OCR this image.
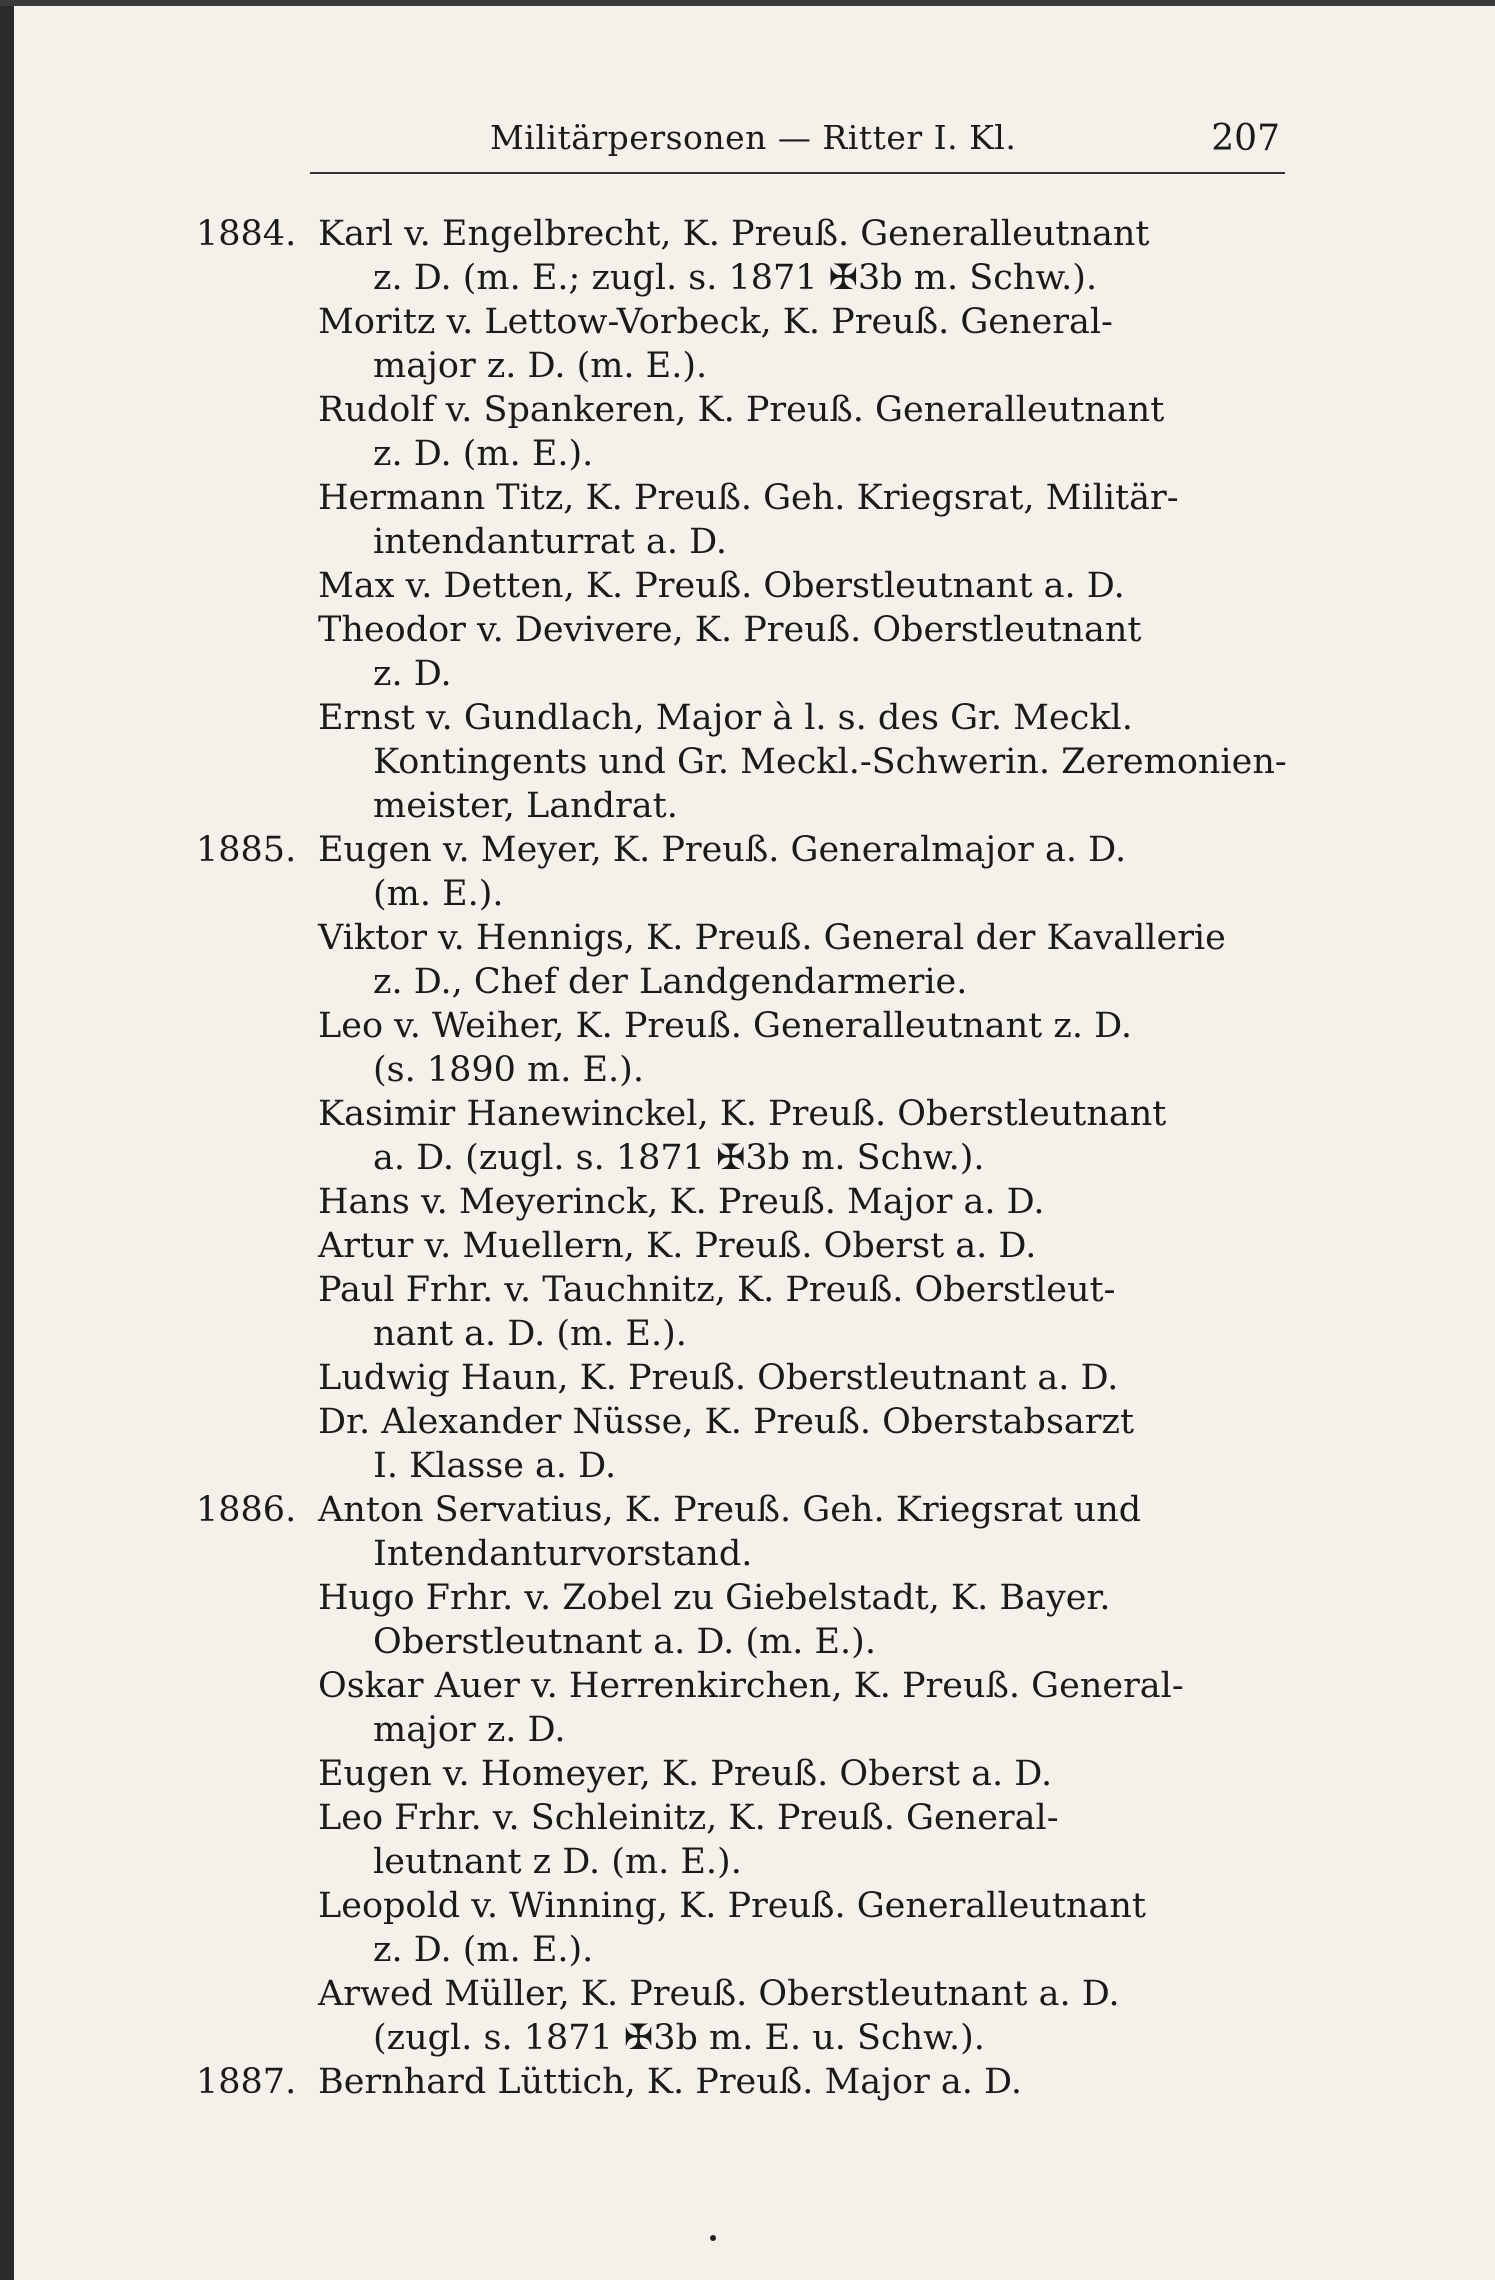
Militärpersonen — Ritter I. Kl.	207
1884. Karl v. Engelbrecht, K. Preuß. Generalleutnant
z. D. (m. E.; zugl. s. 1871 ✠3b m. Schw.).
Moritz v. Lettow-Vorbeck, K. Preuß. General-
major z. D. (m. E.).
Rudolf v. Spankeren, K. Preuß. Generalleutnant
z. D. (m. E.).
Hermann Titz, K. Preuß. Geh. Kriegsrat, Militär-
intendanturrat a. D.
Max v. Detten, K. Preuß. Oberstleutnant a. D.
Theodor v. Devivere, K. Preuß. Oberstleutnant
z. D.
Ernst v. Gundlach, Major à l. s. des Gr. Meckl.
Kontingents und Gr. Meckl.-Schwerin. Zeremonien-
meister, Landrat.
1885. Eugen v. Meyer, K. Preuß. Generalmajor a. D.
(m. E.).
Viktor v. Hennigs, K. Preuß. General der Kavallerie
z. D., Chef der Landgendarmerie.
Leo v. Weiher, K. Preuß. Generalleutnant z. D.
(s. 1890 m. E.).
Kasimir Hanewinckel, K. Preuß. Oberstleutnant
a. D. (zugl. s. 1871 ✠3b m. Schw.).
Hans v. Meyerinck, K. Preuß. Major a. D.
Artur v. Muellern, K. Preuß. Oberst a. D.
Paul Frhr. v. Tauchnitz, K. Preuß. Oberstleut-
nant a. D. (m. E.).
Ludwig Haun, K. Preuß. Oberstleutnant a. D.
Dr. Alexander Nüsse, K. Preuß. Oberstabsarzt
I. Klasse a. D.
1886. Anton Servatius, K. Preuß. Geh. Kriegsrat und
Intendanturvorstand.
Hugo Frhr. v. Zobel zu Giebelstadt, K. Bayer.
Oberstleutnant a. D. (m. E.).
Oskar Auer v. Herrenkirchen, K. Preuß. General-
major z. D.
Eugen v. Homeyer, K. Preuß. Oberst a. D.
Leo Frhr. v. Schleinitz, K. Preuß. General-
leutnant z D. (m. E.).
Leopold v. Winning, K. Preuß. Generalleutnant
z. D. (m. E.).
Arwed Müller, K. Preuß. Oberstleutnant a. D.
(zugl. s. 1871 ✠3b m. E. u. Schw.).
1887. Bernhard Lüttich, K. Preuß. Major a. D.
